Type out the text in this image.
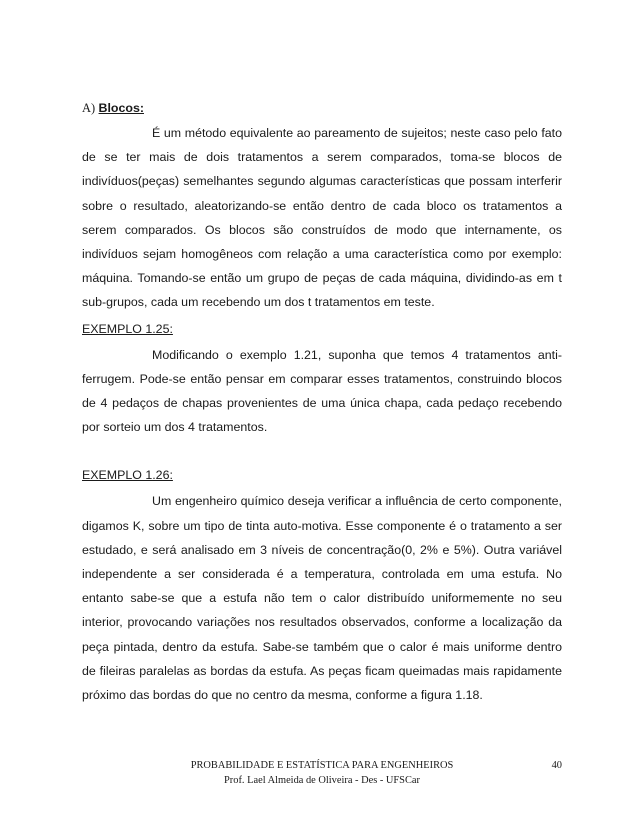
A) Blocos:

É um método equivalente ao pareamento de sujeitos; neste caso pelo fato de se ter mais de dois tratamentos a serem comparados, toma-se blocos de indivíduos(peças) semelhantes segundo algumas características que possam interferir sobre o resultado, aleatorizando-se então dentro de cada bloco os tratamentos a serem comparados. Os blocos são construídos de modo que internamente, os indivíduos sejam homogêneos com relação a uma característica como por exemplo: máquina. Tomando-se então um grupo de peças de cada máquina, dividindo-as em t sub-grupos, cada um recebendo um dos t tratamentos em teste.

EXEMPLO 1.25:

Modificando o exemplo 1.21, suponha que temos 4 tratamentos anti-ferrugem. Pode-se então pensar em comparar esses tratamentos, construindo blocos de 4 pedaços de chapas provenientes de uma única chapa, cada pedaço recebendo por sorteio um dos 4 tratamentos.

EXEMPLO 1.26:

Um engenheiro químico deseja verificar a influência de certo componente, digamos K, sobre um tipo de tinta auto-motiva. Esse componente é o tratamento a ser estudado, e será analisado em 3 níveis de concentração(0, 2% e 5%). Outra variável independente a ser considerada é a temperatura, controlada em uma estufa. No entanto sabe-se que a estufa não tem o calor distribuído uniformemente no seu interior, provocando variações nos resultados observados, conforme a localização da peça pintada, dentro da estufa. Sabe-se também que o calor é mais uniforme dentro de fileiras paralelas as bordas da estufa. As peças ficam queimadas mais rapidamente próximo das bordas do que no centro da mesma, conforme a figura 1.18.

PROBABILIDADE E ESTATÍSTICA PARA ENGENHEIROS
Prof. Lael Almeida de Oliveira - Des - UFSCar
40
